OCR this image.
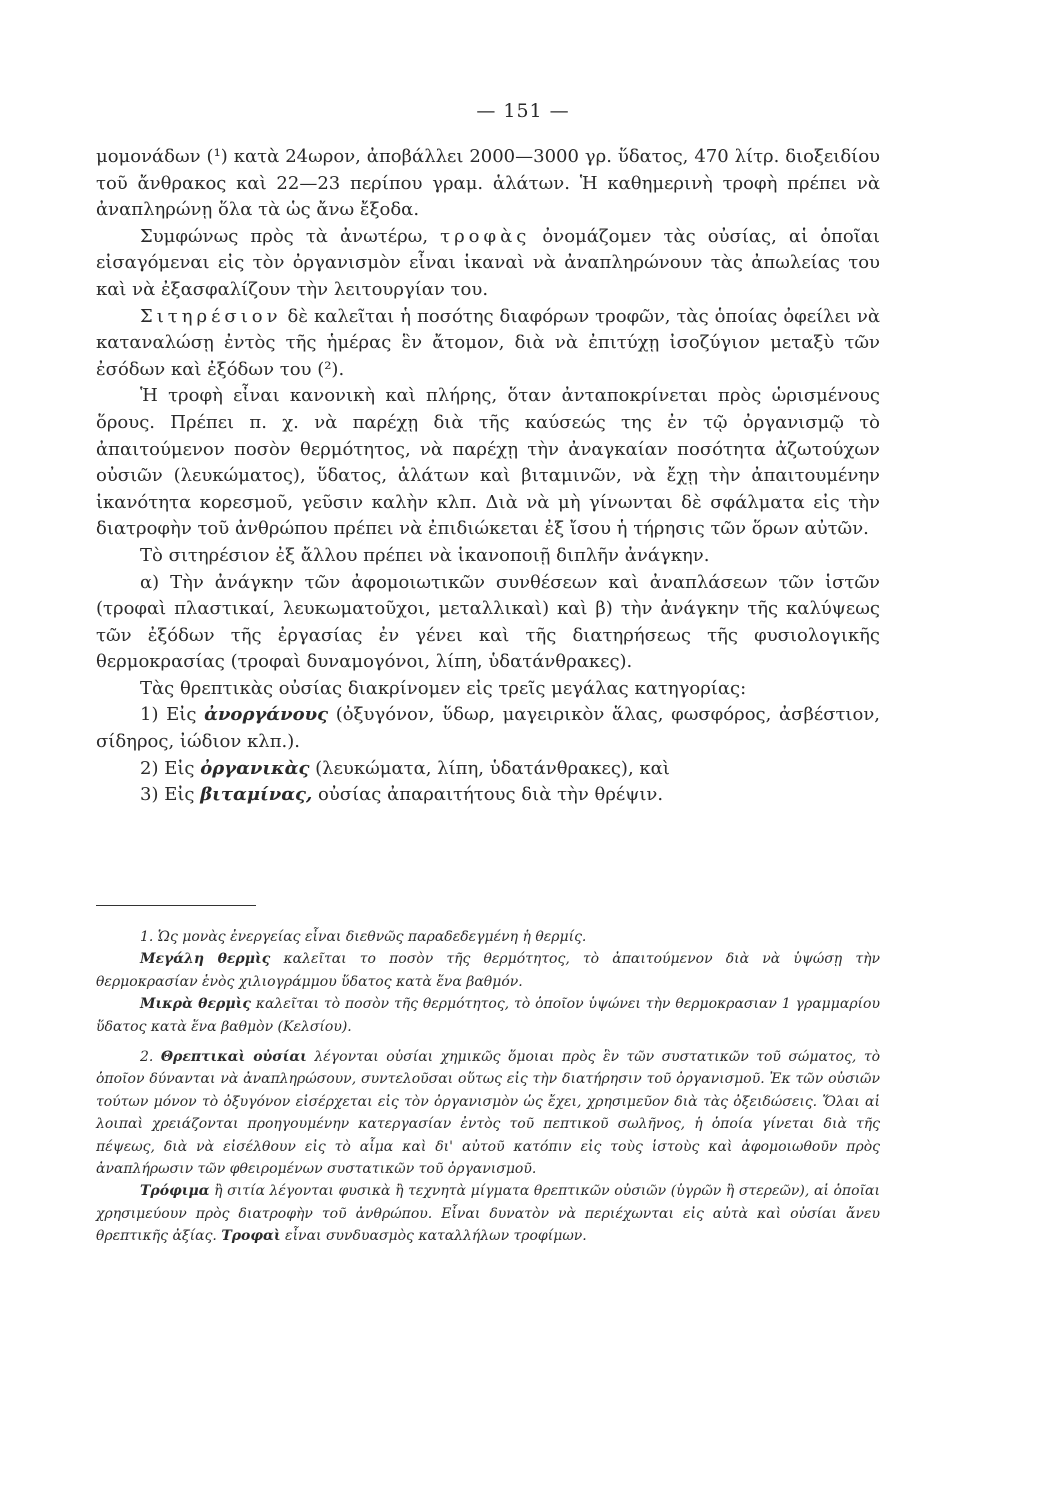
— 151 —

μομονάδων (¹) κατὰ 24ωρον, ἀποβάλλει 2000—3000 γρ. ὕδατος, 470 λίτρ. διοξειδίου τοῦ ἄνθρακος καὶ 22—23 περίπου γραμ. ἁλάτων. Ἡ καθημερινὴ τροφὴ πρέπει νὰ ἀναπληρώνῃ ὅλα τὰ ὡς ἄνω ἔξοδα.

Συμφώνως πρὸς τὰ ἀνωτέρω, τροφὰς ὀνομάζομεν τὰς οὐσίας, αἱ ὁποῖαι εἰσαγόμεναι εἰς τὸν ὀργανισμὸν εἶναι ἱκαναὶ νὰ ἀναπληρώνουν τὰς ἀπωλείας του καὶ νὰ ἐξασφαλίζουν τὴν λειτουργίαν του.

Σιτηρέσιον δὲ καλεῖται ἡ ποσότης διαφόρων τροφῶν, τὰς ὁποίας ὀφείλει νὰ καταναλώσῃ ἐντὸς τῆς ἡμέρας ἓν ἄτομον, διὰ νὰ ἐπιτύχῃ ἰσοζύγιον μεταξὺ τῶν ἐσόδων καὶ ἐξόδων του (²).

Ἡ τροφὴ εἶναι κανονικὴ καὶ πλήρης, ὅταν ἀνταποκρίνεται πρὸς ὡρισμένους ὅρους. Πρέπει π. χ. νὰ παρέχῃ διὰ τῆς καύσεώς της ἐν τῷ ὀργανισμῷ τὸ ἀπαιτούμενον ποσὸν θερμότητος, νὰ παρέχῃ τὴν ἀναγκαίαν ποσότητα ἀζωτούχων οὐσιῶν (λευκώματος), ὕδατος, ἁλάτων καὶ βιταμινῶν, νὰ ἔχῃ τὴν ἀπαιτουμένην ἱκανότητα κορεσμοῦ, γεῦσιν καλὴν κλπ. Διὰ νὰ μὴ γίνωνται δὲ σφάλματα εἰς τὴν διατροφὴν τοῦ ἀνθρώπου πρέπει νὰ ἐπιδιώκεται ἐξ ἴσου ἡ τήρησις τῶν ὅρων αὐτῶν.

Τὸ σιτηρέσιον ἐξ ἄλλου πρέπει νὰ ἱκανοποιῇ διπλῆν ἀνάγκην.

α) Τὴν ἀνάγκην τῶν ἀφομοιωτικῶν συνθέσεων καὶ ἀναπλάσεων τῶν ἱστῶν (τροφαὶ πλαστικαί, λευκωματοῦχοι, μεταλλικαὶ) καὶ β) τὴν ἀνάγκην τῆς καλύψεως τῶν ἐξόδων τῆς ἐργασίας ἐν γένει καὶ τῆς διατηρήσεως τῆς φυσιολογικῆς θερμοκρασίας (τροφαὶ δυναμογόνοι, λίπη, ὑδατάνθρακες).

Τὰς θρεπτικὰς οὐσίας διακρίνομεν εἰς τρεῖς μεγάλας κατηγορίας:

1) Εἰς ἀνοργάνους (ὀξυγόνον, ὕδωρ, μαγειρικὸν ἅλας, φωσφόρος, ἀσβέστιον, σίδηρος, ἰώδιον κλπ.).

2) Εἰς ὀργανικὰς (λευκώματα, λίπη, ὑδατάνθρακες), καὶ

3) Εἰς βιταμίνας, οὐσίας ἀπαραιτήτους διὰ τὴν θρέψιν.

1. Ὡς μονὰς ἐνεργείας εἶναι διεθνῶς παραδεδεγμένη ἡ θερμίς.

Μεγάλη θερμὶς καλεῖται το ποσὸν τῆς θερμότητος, τὸ ἀπαιτούμενον διὰ νὰ ὑψώσῃ τὴν θερμοκρασίαν ἑνὸς χιλιογράμμου ὕδατος κατὰ ἕνα βαθμόν.

Μικρὰ θερμὶς καλεῖται τὸ ποσὸν τῆς θερμότητος, τὸ ὁποῖον ὑψώνει τὴν θερμοκρασιαν 1 γραμμαρίου ὕδατος κατὰ ἕνα βαθμὸν (Κελσίου).

2. Θρεπτικαὶ οὐσίαι λέγονται οὐσίαι χημικῶς ὅμοιαι πρὸς ἓν τῶν συστατικῶν τοῦ σώματος, τὸ ὁποῖον δύνανται νὰ ἀναπληρώσουν, συντελοῦσαι οὕτως εἰς τὴν διατήρησιν τοῦ ὀργανισμοῦ. Ἐκ τῶν οὐσιῶν τούτων μόνον τὸ ὀξυγόνον εἰσέρχεται εἰς τὸν ὀργανισμὸν ὡς ἔχει, χρησιμεῦον διὰ τὰς ὀξειδώσεις. Ὅλαι αἱ λοιπαὶ χρειάζονται προηγουμένην κατεργασίαν ἐντὸς τοῦ πεπτικοῦ σωλῆνος, ἡ ὁποία γίνεται διὰ τῆς πέψεως, διὰ νὰ εἰσέλθουν εἰς τὸ αἷμα καὶ δι' αὐτοῦ κατόπιν εἰς τοὺς ἱστοὺς καὶ ἀφομοιωθοῦν πρὸς ἀναπλήρωσιν τῶν φθειρομένων συστατικῶν τοῦ ὀργανισμοῦ.

Τρόφιμα ἢ σιτία λέγονται φυσικὰ ἢ τεχνητὰ μίγματα θρεπτικῶν οὐσιῶν (ὑγρῶν ἢ στερεῶν), αἱ ὁποῖαι χρησιμεύουν πρὸς διατροφὴν τοῦ ἀνθρώπου. Εἶναι δυνατὸν νὰ περιέχωνται εἰς αὐτὰ καὶ οὐσίαι ἄνευ θρεπτικῆς ἀξίας. Τροφαὶ εἶναι συνδυασμὸς καταλλήλων τροφίμων.
